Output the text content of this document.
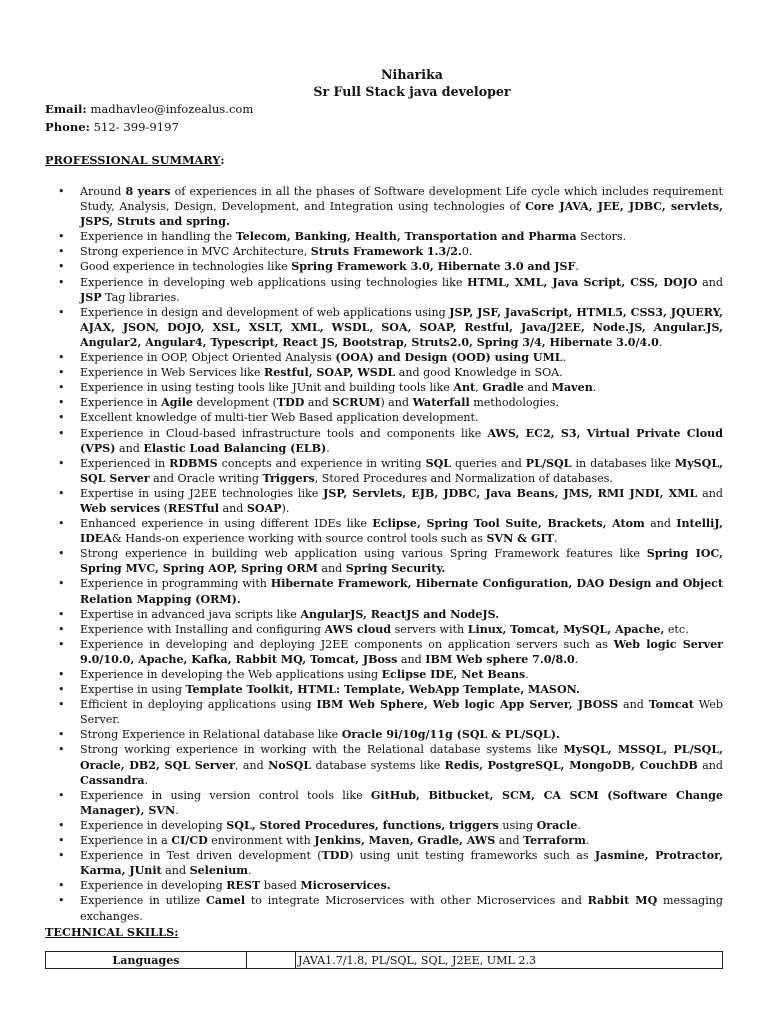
Niharika
Sr Full Stack java developer
Email: madhavleo@infozealus.com
Phone: 512- 399-9197
PROFESSIONAL SUMMARY:
• Around 8 years of experiences in all the phases of Software development Life cycle which includes requirement Study, Analysis, Design, Development, and Integration using technologies of Core JAVA, JEE, JDBC, servlets, JSPS, Struts and spring.
• Experience in handling the Telecom, Banking, Health, Transportation and Pharma Sectors.
• Strong experience in MVC Architecture, Struts Framework 1.3/2.0.
• Good experience in technologies like Spring Framework 3.0, Hibernate 3.0 and JSF.
• Experience in developing web applications using technologies like HTML, XML, Java Script, CSS, DOJO and JSP Tag libraries.
• Experience in design and development of web applications using JSP, JSF, JavaScript, HTML5, CSS3, JQUERY, AJAX, JSON, DOJO, XSL, XSLT, XML, WSDL, SOA, SOAP, Restful, Java/J2EE, Node.JS, Angular.JS, Angular2, Angular4, Typescript, React JS, Bootstrap, Struts2.0, Spring 3/4, Hibernate 3.0/4.0.
• Experience in OOP, Object Oriented Analysis (OOA) and Design (OOD) using UML.
• Experience in Web Services like Restful, SOAP, WSDL and good Knowledge in SOA.
• Experience in using testing tools like JUnit and building tools like Ant, Gradle and Maven.
• Experience in Agile development (TDD and SCRUM) and Waterfall methodologies.
• Excellent knowledge of multi-tier Web Based application development.
• Experience in Cloud-based infrastructure tools and components like AWS, EC2, S3, Virtual Private Cloud (VPS) and Elastic Load Balancing (ELB).
• Experienced in RDBMS concepts and experience in writing SQL queries and PL/SQL in databases like MySQL, SQL Server and Oracle writing Triggers, Stored Procedures and Normalization of databases.
• Expertise in using J2EE technologies like JSP, Servlets, EJB, JDBC, Java Beans, JMS, RMI JNDI, XML and Web services (RESTful and SOAP).
• Enhanced experience in using different IDEs like Eclipse, Spring Tool Suite, Brackets, Atom and IntelliJ, IDEA& Hands-on experience working with source control tools such as SVN & GIT.
• Strong experience in building web application using various Spring Framework features like Spring IOC, Spring MVC, Spring AOP, Spring ORM and Spring Security.
• Experience in programming with Hibernate Framework, Hibernate Configuration, DAO Design and Object Relation Mapping (ORM).
• Expertise in advanced java scripts like AngularJS, ReactJS and NodeJS.
• Experience with Installing and configuring AWS cloud servers with Linux, Tomcat, MySQL, Apache, etc.
• Experience in developing and deploying J2EE components on application servers such as Web logic Server 9.0/10.0, Apache, Kafka, Rabbit MQ, Tomcat, JBoss and IBM Web sphere 7.0/8.0.
• Experience in developing the Web applications using Eclipse IDE, Net Beans.
• Expertise in using Template Toolkit, HTML: Template, WebApp Template, MASON.
• Efficient in deploying applications using IBM Web Sphere, Web logic App Server, JBOSS and Tomcat Web Server.
• Strong Experience in Relational database like Oracle 9i/10g/11g (SQL & PL/SQL).
• Strong working experience in working with the Relational database systems like MySQL, MSSQL, PL/SQL, Oracle, DB2, SQL Server, and NoSQL database systems like Redis, PostgreSQL, MongoDB, CouchDB and Cassandra.
• Experience in using version control tools like GitHub, Bitbucket, SCM, CA SCM (Software Change Manager), SVN.
• Experience in developing SQL, Stored Procedures, functions, triggers using Oracle.
• Experience in a CI/CD environment with Jenkins, Maven, Gradle, AWS and Terraform.
• Experience in Test driven development (TDD) using unit testing frameworks such as Jasmine, Protractor, Karma, JUnit and Selenium.
• Experience in developing REST based Microservices.
• Experience in utilize Camel to integrate Microservices with other Microservices and Rabbit MQ messaging exchanges.
TECHNICAL SKILLS:
Languages		JAVA1.7/1.8, PL/SQL, SQL, J2EE, UML 2.3
